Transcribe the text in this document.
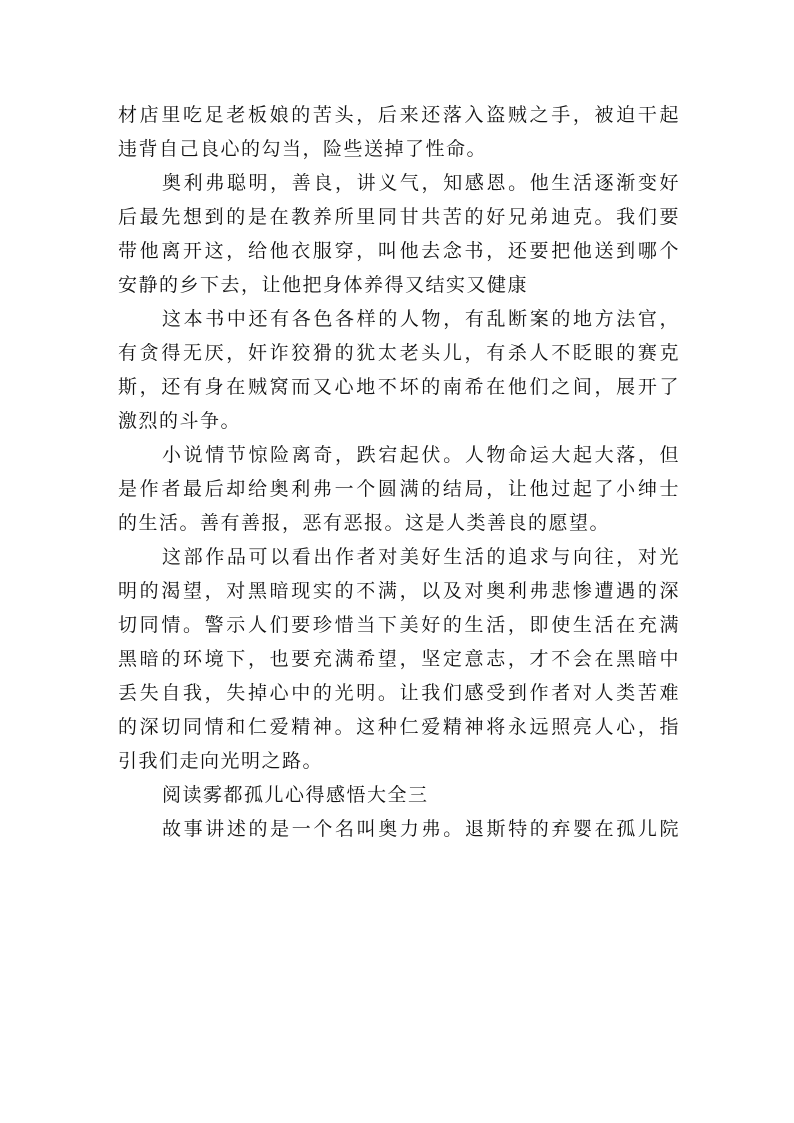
材店里吃足老板娘的苦头，后来还落入盗贼之手，被迫干起
违背自己良心的勾当，险些送掉了性命。
奥利弗聪明，善良，讲义气，知感恩。他生活逐渐变好
后最先想到的是在教养所里同甘共苦的好兄弟迪克。我们要
带他离开这，给他衣服穿，叫他去念书，还要把他送到哪个
安静的乡下去，让他把身体养得又结实又健康
这本书中还有各色各样的人物，有乱断案的地方法官，
有贪得无厌，奸诈狡猾的犹太老头儿，有杀人不眨眼的赛克
斯，还有身在贼窝而又心地不坏的南希在他们之间，展开了
激烈的斗争。
小说情节惊险离奇，跌宕起伏。人物命运大起大落，但
是作者最后却给奥利弗一个圆满的结局，让他过起了小绅士
的生活。善有善报，恶有恶报。这是人类善良的愿望。
这部作品可以看出作者对美好生活的追求与向往，对光
明的渴望，对黑暗现实的不满，以及对奥利弗悲惨遭遇的深
切同情。警示人们要珍惜当下美好的生活，即使生活在充满
黑暗的环境下，也要充满希望，坚定意志，才不会在黑暗中
丢失自我，失掉心中的光明。让我们感受到作者对人类苦难
的深切同情和仁爱精神。这种仁爱精神将永远照亮人心，指
引我们走向光明之路。
阅读雾都孤儿心得感悟大全三
故事讲述的是一个名叫奥力弗。退斯特的弃婴在孤儿院
